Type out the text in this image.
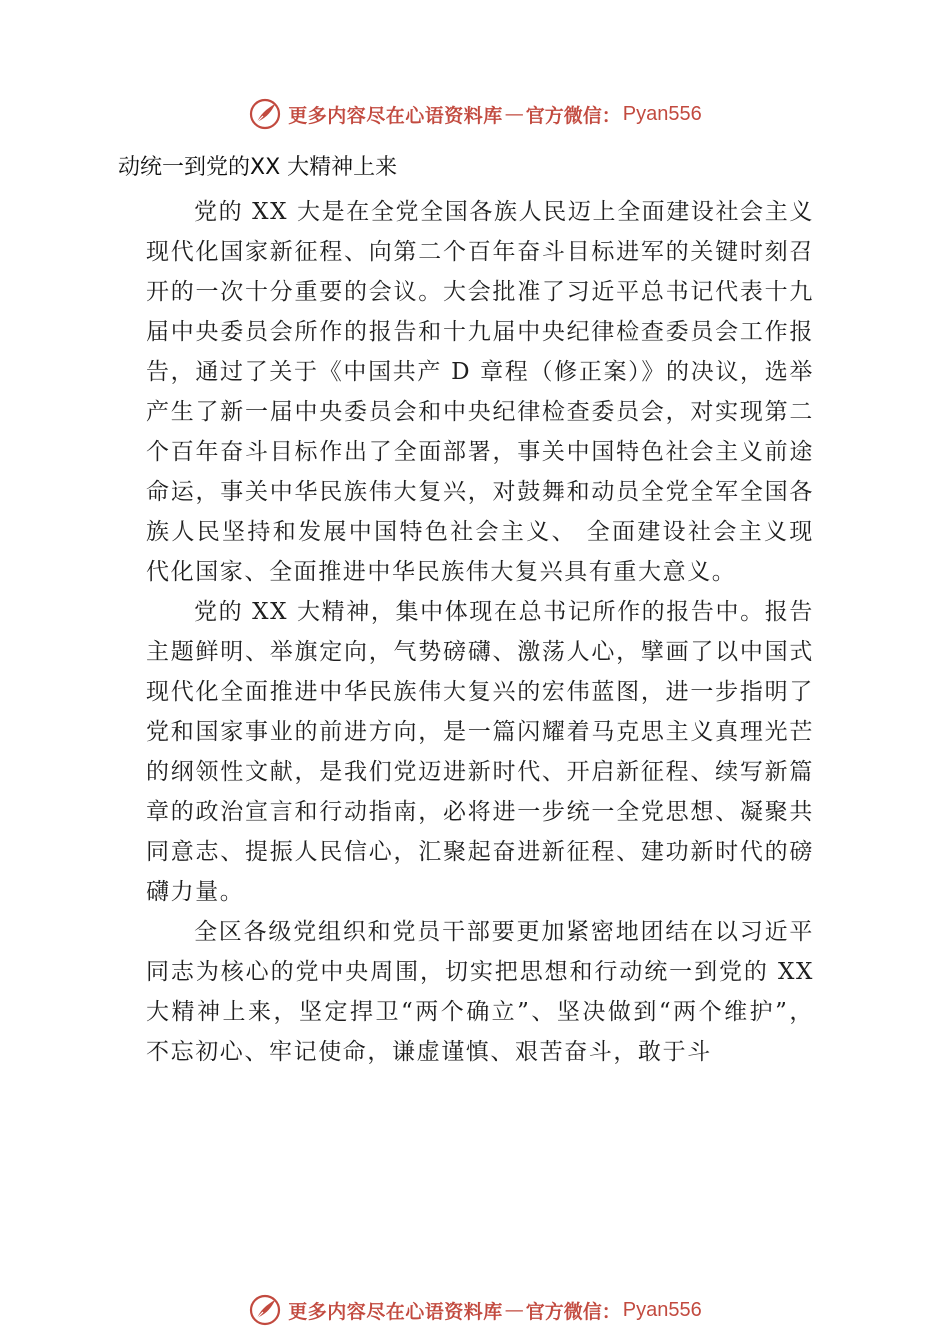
更多内容尽在心语资料库 — 官方微信： Pyan556
动统一到党的XX 大精神上来

党的 XX 大是在全党全国各族人民迈上全面建设社会主义现代化国家新征程、向第二个百年奋斗目标进军的关键时刻召开的一次十分重要的会议。大会批准了习近平总书记代表十九届中央委员会所作的报告和十九届中央纪律检查委员会工作报告，通过了关于《中国共产 D 章程（修正案）》的决议，选举产生了新一届中央委员会和中央纪律检查委员会，对实现第二个百年奋斗目标作出了全面部署，事关中国特色社会主义前途命运，事关中华民族伟大复兴，对鼓舞和动员全党全军全国各族人民坚持和发展中国特色社会主义、 全面建设社会主义现代化国家、全面推进中华民族伟大复兴具有重大意义。

党的 XX 大精神，集中体现在总书记所作的报告中。报告主题鲜明、举旗定向，气势磅礴、激荡人心，擘画了以中国式现代化全面推进中华民族伟大复兴的宏伟蓝图，进一步指明了党和国家事业的前进方向，是一篇闪耀着马克思主义真理光芒的纲领性文献，是我们党迈进新时代、开启新征程、续写新篇章的政治宣言和行动指南，必将进一步统一全党思想、凝聚共同意志、提振人民信心，汇聚起奋进新征程、建功新时代的磅礴力量。

全区各级党组织和党员干部要更加紧密地团结在以习近平同志为核心的党中央周围，切实把思想和行动统一到党的 XX 大精神上来，坚定捍卫“两个确立”、坚决做到“两个维护”，不忘初心、牢记使命，谦虚谨慎、艰苦奋斗，敢于斗

更多内容尽在心语资料库 — 官方微信： Pyan556
